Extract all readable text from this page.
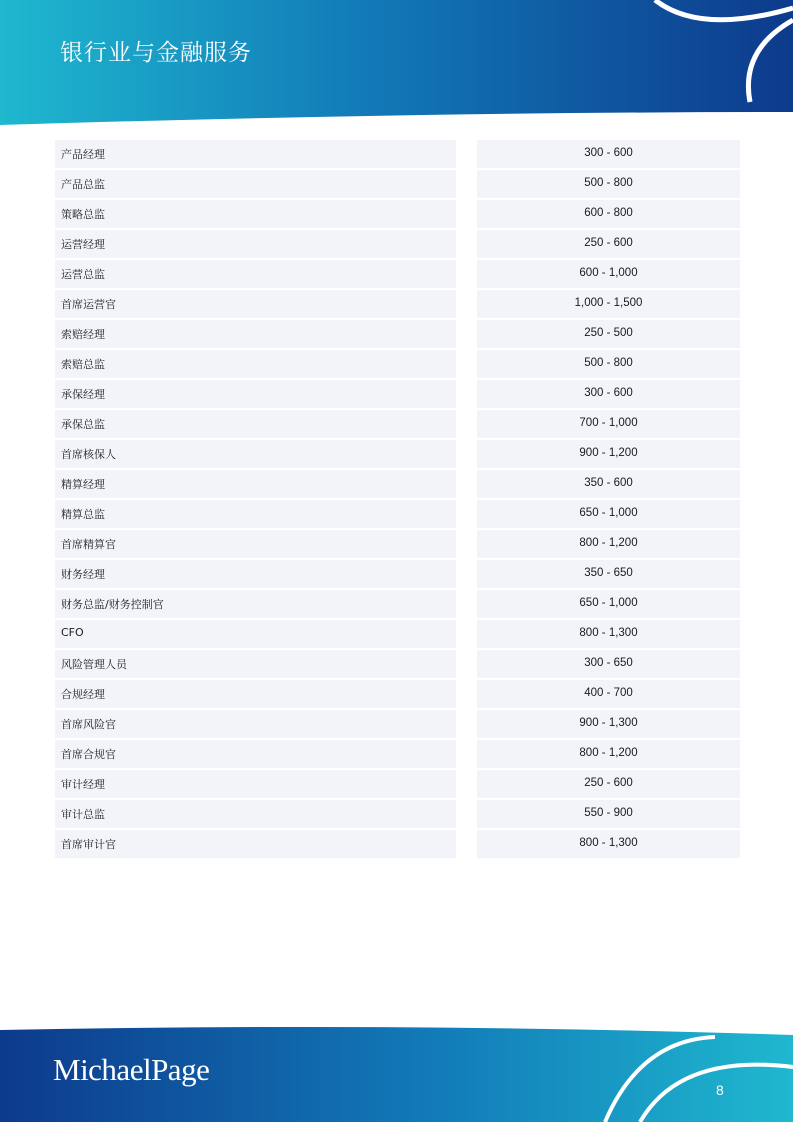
银行业与金融服务
产品经理	300 - 600
产品总监	500 - 800
策略总监	600 - 800
运营经理	250 - 600
运营总监	600 - 1,000
首席运营官	1,000 - 1,500
索赔经理	250 - 500
索赔总监	500 - 800
承保经理	300 - 600
承保总监	700 - 1,000
首席核保人	900 - 1,200
精算经理	350 - 600
精算总监	650 - 1,000
首席精算官	800 - 1,200
财务经理	350 - 650
财务总监/财务控制官	650 - 1,000
CFO	800 - 1,300
风险管理人员	300 - 650
合规经理	400 - 700
首席风险官	900 - 1,300
首席合规官	800 - 1,200
审计经理	250 - 600
审计总监	550 - 900
首席审计官	800 - 1,300
MichaelPage
8
